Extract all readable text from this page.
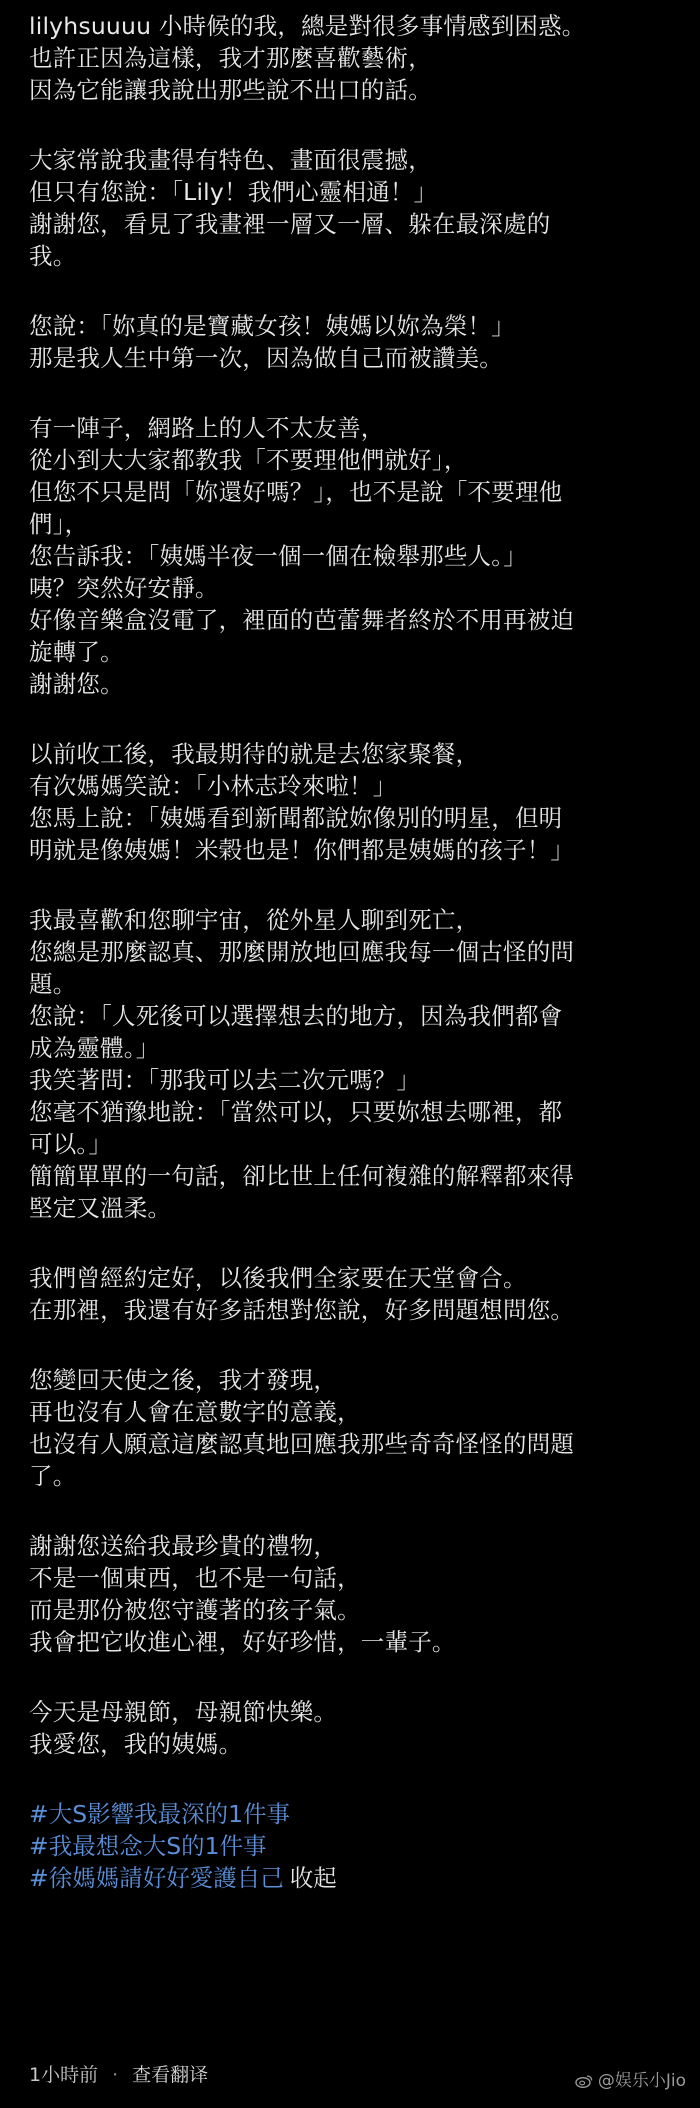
lilyhsuuuu 小時候的我，總是對很多事情感到困惑。
也許正因為這樣，我才那麼喜歡藝術，
因為它能讓我說出那些說不出口的話。
大家常說我畫得有特色、畫面很震撼，
但只有您說：「Lily！我們心靈相通！」
謝謝您，看見了我畫裡一層又一層、躲在最深處的
我。
您說：「妳真的是寶藏女孩！姨媽以妳為榮！」
那是我人生中第一次，因為做自己而被讚美。
有一陣子，網路上的人不太友善，
從小到大大家都教我「不要理他們就好」，
但您不只是問「妳還好嗎？」，也不是說「不要理他
們」，
您告訴我：「姨媽半夜一個一個在檢舉那些人。」
咦？突然好安靜。
好像音樂盒沒電了，裡面的芭蕾舞者終於不用再被迫
旋轉了。
謝謝您。
以前收工後，我最期待的就是去您家聚餐，
有次媽媽笑說：「小林志玲來啦！」
您馬上說：「姨媽看到新聞都說妳像別的明星，但明
明就是像姨媽！米榖也是！你們都是姨媽的孩子！」
我最喜歡和您聊宇宙，從外星人聊到死亡，
您總是那麼認真、那麼開放地回應我每一個古怪的問
題。
您說：「人死後可以選擇想去的地方，因為我們都會
成為靈體。」
我笑著問：「那我可以去二次元嗎？」
您毫不猶豫地說：「當然可以，只要妳想去哪裡，都
可以。」
簡簡單單的一句話，卻比世上任何複雜的解釋都來得
堅定又溫柔。
我們曾經約定好，以後我們全家要在天堂會合。
在那裡，我還有好多話想對您說，好多問題想問您。
您變回天使之後，我才發現，
再也沒有人會在意數字的意義，
也沒有人願意這麼認真地回應我那些奇奇怪怪的問題
了。
謝謝您送給我最珍貴的禮物，
不是一個東西，也不是一句話，
而是那份被您守護著的孩子氣。
我會把它收進心裡，好好珍惜，一輩子。
今天是母親節，母親節快樂。
我愛您，我的姨媽。
#大S影響我最深的1件事
#我最想念大S的1件事
#徐媽媽請好好愛護自己 收起
1小時前 · 查看翻译	@娱乐小Jio
